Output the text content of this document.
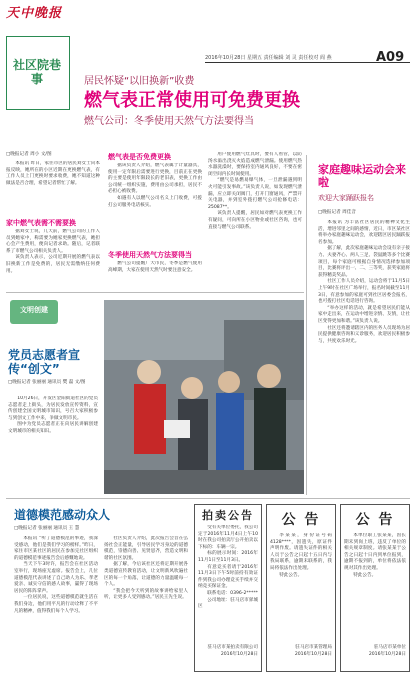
天中晚报
2016年10月28日 星期五 责任编辑 刘 灵 责任校对 阎 燕	A09
社区院巷事	居民怀疑“以旧换新”收费
燃气表正常使用可免费更换
燃气公司：冬季使用天然气方法要得当
□晚报记者 周小 文/图

本报讯 昨日，家住市区的居民刘女士向本报反映，她所在的小区近期在更换燃气表，有工作人员上门更换时要求收费，她不知道这种做法是否合理，希望记者帮忙了解。

家中燃气表需不需要换

据刘女士说，几天前，燃气公司的工作人员到她家中，称需要为她家更换燃气表，她担心会产生费用，便向记者求助。随后，记者联系了市燃气公司相关负责人。

该负责人表示，公司近期开展的燃气表以旧换新工作是免费的，居民无需缴纳任何费用。

燃气表是否免费更换

据该负责人介绍，燃气表属于计量器具，使用一定年限后需要进行更换，目前正在更换的主要是使用年限较长的老旧表，更换工作由公司统一组织实施，费用由公司承担，居民不必担心被收费。

如遇有人以燃气公司名义上门收费，可拨打公司服务电话核实。

冬季使用天然气方法要得当

燃气公司提醒广大市民，冬季是燃气使用高峰期，大家在使用天然气时要注意安全。

用户使用燃气灶具时，要有人看管，以防汤水溢出浇灭火焰造成燃气泄漏。使用燃气热水器洗澡时，要保持室内通风良好，不要在密闭空间内长时间使用。

“燃气是易燃易爆气体，一旦泄漏遇到明火可能引发事故。”该负责人说，如发现燃气泄漏，应立即关闭阀门，打开门窗通风，严禁开关电器，并到室外拨打燃气公司抢修电话：25087**。

该负责人提醒，居民如对燃气表更换工作有疑问，可向所在小区物业或社区咨询，也可直接与燃气公司联系。

家庭趣味运动会来啦
欢迎大家踊跃报名
□晚报记者 周佳音

本报讯 为丰富社区居民的精神文化生活，增进邻里之间的感情，近日，市区某社区将举办家庭趣味运动会，欢迎辖区居民踊跃报名参加。

据了解，此次家庭趣味运动会设有亲子接力、夫妻齐心、两人三足、袋鼠跳等多个比赛项目，每个家庭可根据自身情况选择参加项目，比赛将评出一、二、三等奖，获奖家庭将获得精美奖品。

社区工作人员介绍，运动会将于11月5日上午9时在社区广场举行，报名时间截至11月3日，有意参加的家庭可到社区居委会报名，也可拨打社区电话进行咨询。

“举办这样的活动，就是希望居民们能从家中走出来，在运动中增进亲情、友情，让社区变得更加和谐。”该负责人说。

社区还将邀请辖区内的医务人员现场为居民提供健康咨询和义诊服务，欢迎居民积极参与，共度欢乐时光。

文明创建
党员志愿者宣传“创文”
□晚报记者 张丽丽 通讯员 樊 磊 文/图

10月26日，开发区金阳街道社区的党员志愿者走上街头，为居民发放宣传资料，宣传创建全国文明城市知识，号召大家积极参与到创文工作中来，争做文明市民。

图中为党员志愿者正在向居民讲解创建文明城市的相关知识。

道德模范感动众人
□晚报记者 张丽丽 通讯员 王 慧

本报讯 “听了道德模范的事迹，我深受感动，他们是我们学习的榜样。”昨日，家住市区某社区的居民在参加完社区组织的道德模范事迹报告会后感慨地说。

当天下午3时许，报告会在社区活动室举行，现场座无虚席。报告会上，几位道德模范代表讲述了自己助人为乐、孝老爱亲、诚实守信的感人故事，赢得了现场居民的阵阵掌声。

一位居民说，这些道德模范就生活在我们身边，他们用平凡的行动诠释了不平凡的精神，值得我们每个人学习。

社区负责人介绍，此次报告会旨在弘扬社会正能量，引导居民学习身边的道德模范，崇德向善、见贤思齐，营造文明和谐的社区氛围。

据了解，今后该社区还将定期开展各类道德宣传教育活动，让文明新风吹遍社区的每一个角落，让道德的力量温暖每一个人。

“我会把今天听到的故事讲给家里人听，让更多人受到感动。”居民王先生说。

拍卖公告

受有关单位委托，我公司定于2016年11月4日上午10时在我公司拍卖厅公开拍卖以下标的：车辆一宗。

标的展示时间：2016年11月1日至11月3日。

有意竞买者请于2016年11月3日下午5时前持有效证件到我公司办理竞买手续并交纳竞买保证金。

联系电话：0396-2*****

公司地址：驻马店市驿城区

驻马店市某拍卖有限公司
2016年10月28日
公 告

李某某，身份证号码4128****，因遗失，原证件声明作废。请遗失证件的相关人员于公告之日起十五日内与我局联系，逾期未联系的，我局将依法作出处理。

特此公告。

驻马店市某管理局
2016年10月28日
公 告

本单位职工张某某，因长期未到岗上班，违反了单位的相关规章制度。请张某某于公告之日起十日内到单位报到，逾期不报到的，单位将依法依规对其作出处理。

特此公告。

驻马店市某单位
2016年10月28日
